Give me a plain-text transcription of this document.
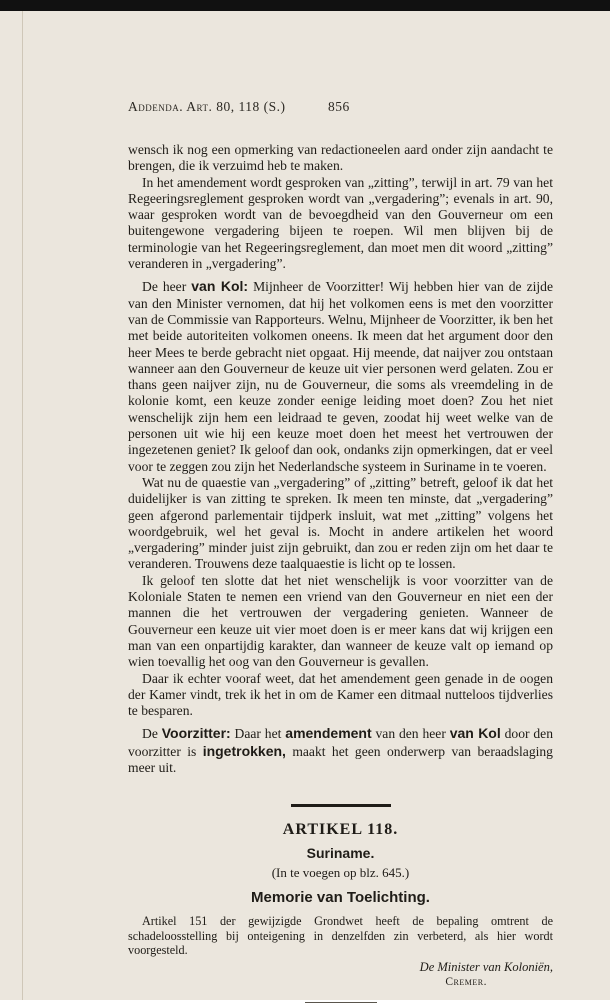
Addenda. Art. 80, 118 (S.)	856

wensch ik nog een opmerking van redactioneelen aard onder zijn aandacht te brengen, die ik verzuimd heb te maken.

In het amendement wordt gesproken van „zitting”, terwijl in art. 79 van het Regeeringsreglement gesproken wordt van „vergadering”; evenals in art. 90, waar gesproken wordt van de bevoegdheid van den Gouverneur om een buitengewone vergadering bijeen te roepen. Wil men blijven bij de terminologie van het Regeeringsreglement, dan moet men dit woord „zitting” veranderen in „vergadering”.

De heer van Kol: Mijnheer de Voorzitter! Wij hebben hier van de zijde van den Minister vernomen, dat hij het volkomen eens is met den voorzitter van de Commissie van Rapporteurs. Welnu, Mijnheer de Voorzitter, ik ben het met beide autoriteiten volkomen oneens. Ik meen dat het argument door den heer Mees te berde gebracht niet opgaat. Hij meende, dat naijver zou ontstaan wanneer aan den Gouverneur de keuze uit vier personen werd gelaten. Zou er thans geen naijver zijn, nu de Gouverneur, die soms als vreemdeling in de kolonie komt, een keuze zonder eenige leiding moet doen? Zou het niet wenschelijk zijn hem een leidraad te geven, zoodat hij weet welke van de personen uit wie hij een keuze moet doen het meest het vertrouwen der ingezetenen geniet? Ik geloof dan ook, ondanks zijn opmerkingen, dat er veel voor te zeggen zou zijn het Nederlandsche systeem in Suriname in te voeren.

Wat nu de quaestie van „vergadering” of „zitting” betreft, geloof ik dat het duidelijker is van zitting te spreken. Ik meen ten minste, dat „vergadering” geen afgerond parlementair tijdperk insluit, wat met „zitting” volgens het woordgebruik, wel het geval is. Mocht in andere artikelen het woord „vergadering” minder juist zijn gebruikt, dan zou er reden zijn om het daar te veranderen. Trouwens deze taalquaestie is licht op te lossen.

Ik geloof ten slotte dat het niet wenschelijk is voor voorzitter van de Koloniale Staten te nemen een vriend van den Gouverneur en niet een der mannen die het vertrouwen der vergadering genieten. Wanneer de Gouverneur een keuze uit vier moet doen is er meer kans dat wij krijgen een man van een onpartijdig karakter, dan wanneer de keuze valt op iemand op wien toevallig het oog van den Gouverneur is gevallen.

Daar ik echter vooraf weet, dat het amendement geen genade in de oogen der Kamer vindt, trek ik het in om de Kamer een ditmaal nutteloos tijdverlies te besparen.

De Voorzitter: Daar het amendement van den heer van Kol door den voorzitter is ingetrokken, maakt het geen onderwerp van beraadslaging meer uit.

ARTIKEL 118.
Suriname.
(In te voegen op blz. 645.)
Memorie van Toelichting.

Artikel 151 der gewijzigde Grondwet heeft de bepaling omtrent de schadeloosstelling bij onteigening in denzelfden zin verbeterd, als hier wordt voorgesteld.

De Minister van Koloniën,
Cremer.
